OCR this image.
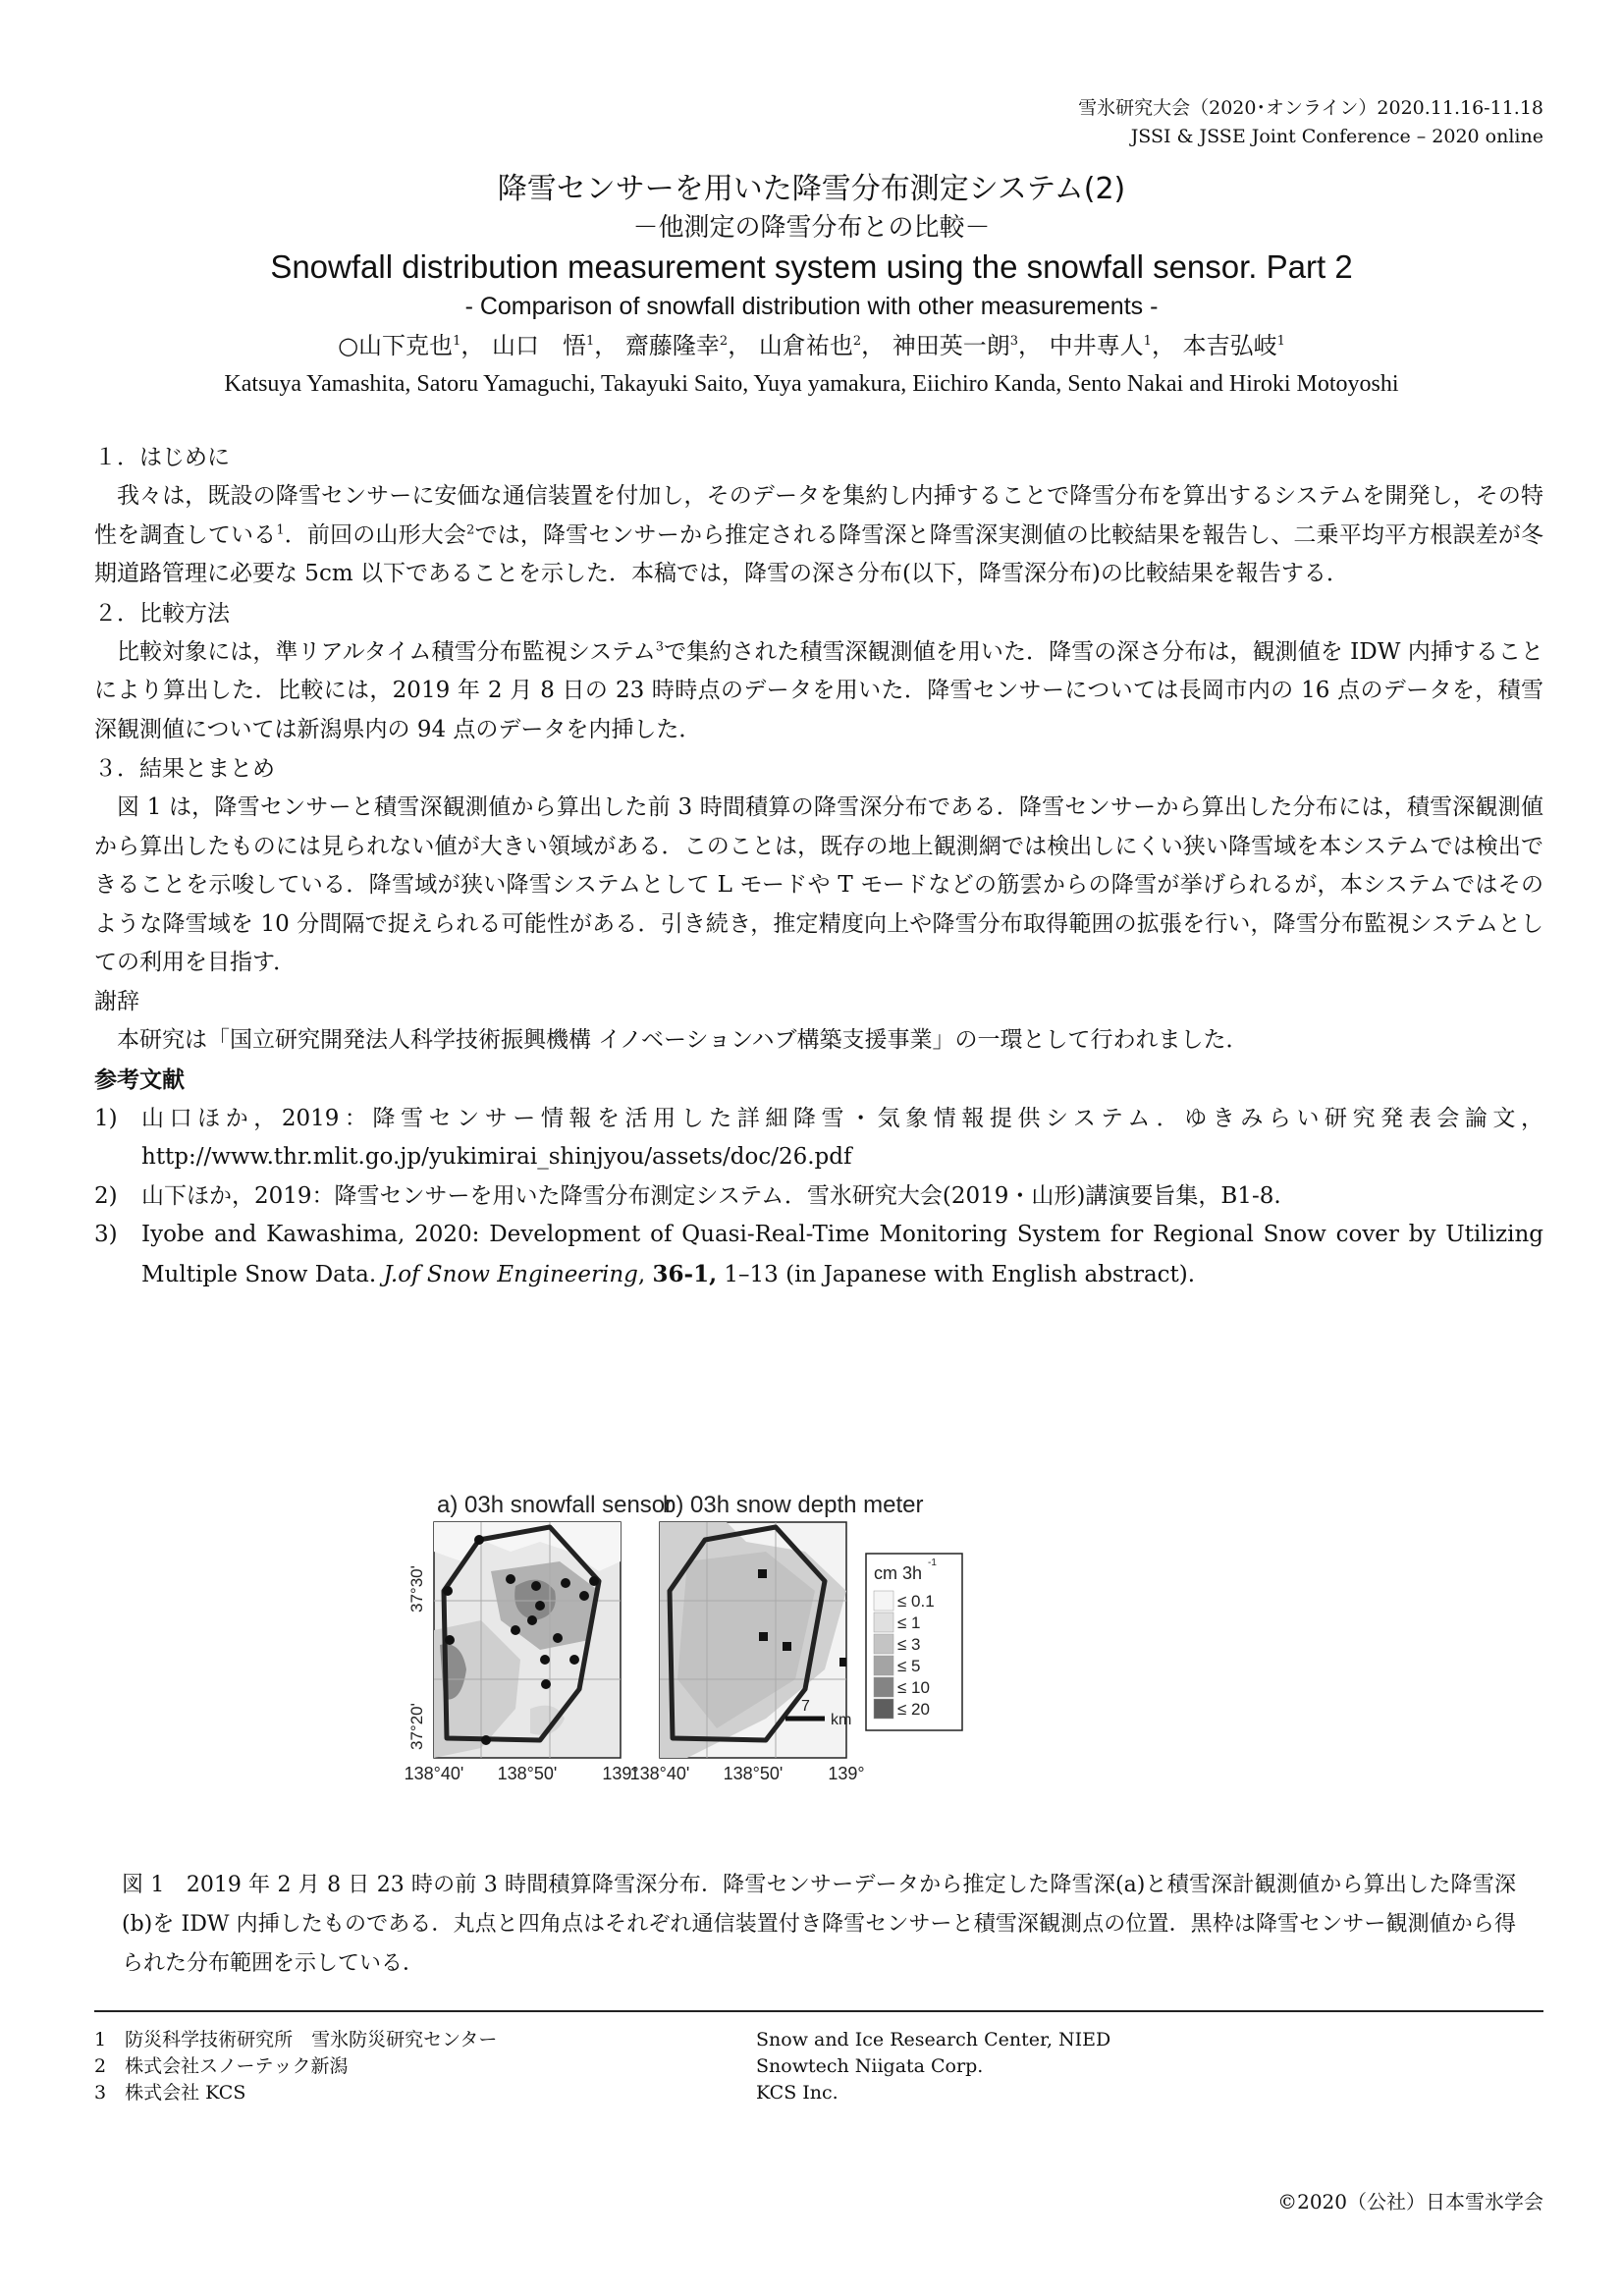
雪氷研究大会（2020･オンライン）2020.11.16-11.18
JSSI & JSSE Joint Conference – 2020 online
降雪センサーを用いた降雪分布測定システム(2)
－他測定の降雪分布との比較－
Snowfall distribution measurement system using the snowfall sensor. Part 2
- Comparison of snowfall distribution with other measurements -
○山下克也$^1$， 山口　悟$^1$， 齋藤隆幸$^2$， 山倉祐也$^2$， 神田英一朗$^3$， 中井専人$^1$， 本吉弘岐$^1$
Katsuya Yamashita, Satoru Yamaguchi, Takayuki Saito, Yuya yamakura, Eiichiro Kanda, Sento Nakai and Hiroki Motoyoshi
１．はじめに

我々は，既設の降雪センサーに安価な通信装置を付加し，そのデータを集約し内挿することで降雪分布を算出するシステムを開発し，その特性を調査している$^1$．前回の山形大会$^2$では，降雪センサーから推定される降雪深と降雪深実測値の比較結果を報告し、二乗平均平方根誤差が冬期道路管理に必要な 5cm 以下であることを示した．本稿では，降雪の深さ分布(以下，降雪深分布)の比較結果を報告する．

２．比較方法

比較対象には，準リアルタイム積雪分布監視システム$^3$で集約された積雪深観測値を用いた．降雪の深さ分布は，観測値を IDW 内挿することにより算出した．比較には，2019 年 2 月 8 日の 23 時時点のデータを用いた．降雪センサーについては長岡市内の 16 点のデータを，積雪深観測値については新潟県内の 94 点のデータを内挿した．

３．結果とまとめ

図 1 は，降雪センサーと積雪深観測値から算出した前 3 時間積算の降雪深分布である．降雪センサーから算出した分布には，積雪深観測値から算出したものには見られない値が大きい領域がある．このことは，既存の地上観測網では検出しにくい狭い降雪域を本システムでは検出できることを示唆している．降雪域が狭い降雪システムとして L モードや T モードなどの筋雲からの降雪が挙げられるが，本システムではそのような降雪域を 10 分間隔で捉えられる可能性がある．引き続き，推定精度向上や降雪分布取得範囲の拡張を行い，降雪分布監視システムとしての利用を目指す．

謝辞

本研究は「国立研究開発法人科学技術振興機構 イノベーションハブ構築支援事業」の一環として行われました．

参考文献
1) 山口ほか，2019：降雪センサー情報を活用した詳細降雪・気象情報提供システム．ゆきみらい研究発表会論文，http://www.thr.mlit.go.jp/yukimirai_shinjyou/assets/doc/26.pdf
2) 山下ほか，2019：降雪センサーを用いた降雪分布測定システム．雪氷研究大会(2019・山形)講演要旨集，B1-8.
3) Iyobe and Kawashima, 2020: Development of Quasi-Real-Time Monitoring System for Regional Snow cover by Utilizing Multiple Snow Data. J.of Snow Engineering, 36-1, 1–13 (in Japanese with English abstract).
a) 03h snowfall sensor
37°30'
37°20'
138°40' 138°50'	139°
b) 03h snow depth meter
7
km
138°40' 138°50'	139°
cm 3h
-1
≤ 0.1
≤ 1
≤ 3
≤ 5
≤ 10
≤ 20
図 1　2019 年 2 月 8 日 23 時の前 3 時間積算降雪深分布．降雪センサーデータから推定した降雪深(a)と積雪深計観測値から算出した降雪深(b)を IDW 内挿したものである．丸点と四角点はそれぞれ通信装置付き降雪センサーと積雪深観測点の位置．黒枠は降雪センサー観測値から得られた分布範囲を示している．
1　防災科学技術研究所　雪氷防災研究センター
2　株式会社スノーテック新潟
3　株式会社 KCS
Snow and Ice Research Center, NIED
Snowtech Niigata Corp.
KCS Inc.
©2020（公社）日本雪氷学会
